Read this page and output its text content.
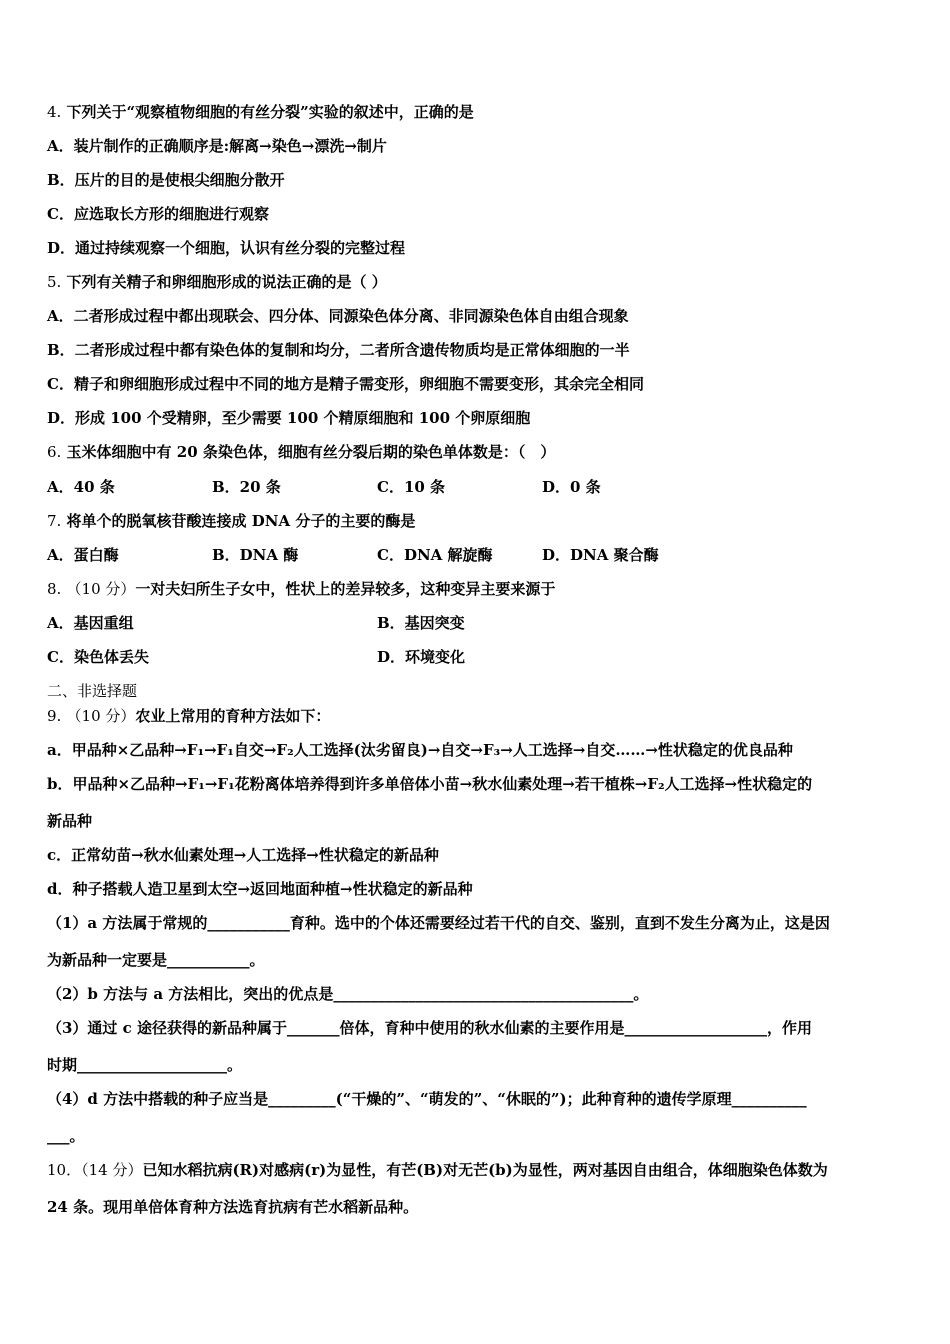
4. 下列关于“观察植物细胞的有丝分裂”实验的叙述中，正确的是
A．装片制作的正确顺序是:解离→染色→漂洗→制片
B．压片的目的是使根尖细胞分散开
C．应选取长方形的细胞进行观察
D．通过持续观察一个细胞，认识有丝分裂的完整过程
5. 下列有关精子和卵细胞形成的说法正确的是（ ）
A．二者形成过程中都出现联会、四分体、同源染色体分离、非同源染色体自由组合现象
B．二者形成过程中都有染色体的复制和均分，二者所含遗传物质均是正常体细胞的一半
C．精子和卵细胞形成过程中不同的地方是精子需变形，卵细胞不需要变形，其余完全相同
D．形成 100 个受精卵，至少需要 100 个精原细胞和 100 个卵原细胞
6. 玉米体细胞中有 20 条染色体，细胞有丝分裂后期的染色单体数是：（　）
A．40 条	B．20 条	C．10 条	D．0 条
7. 将单个的脱氧核苷酸连接成 DNA 分子的主要的酶是
A．蛋白酶	B．DNA 酶	C．DNA 解旋酶	D．DNA 聚合酶
8. （10 分）一对夫妇所生子女中，性状上的差异较多，这种变异主要来源于
A．基因重组	B．基因突变
C．染色体丢失	D．环境变化
二、非选择题
9. （10 分）农业上常用的育种方法如下：
a．甲品种×乙品种→F₁→F₁自交→F₂人工选择(汰劣留良)→自交→F₃→人工选择→自交……→性状稳定的优良品种
b．甲品种×乙品种→F₁→F₁花粉离体培养得到许多单倍体小苗→秋水仙素处理→若干植株→F₂人工选择→性状稳定的
新品种
c．正常幼苗→秋水仙素处理→人工选择→性状稳定的新品种
d．种子搭载人造卫星到太空→返回地面种植→性状稳定的新品种
（1）a 方法属于常规的___________育种。选中的个体还需要经过若干代的自交、鉴别，直到不发生分离为止，这是因
为新品种一定要是___________。
（2）b 方法与 a 方法相比，突出的优点是________________________________________。
（3）通过 c 途径获得的新品种属于_______倍体，育种中使用的秋水仙素的主要作用是___________________，作用
时期____________________。
（4）d 方法中搭载的种子应当是_________(“干燥的”、“萌发的”、“休眠的”)；此种育种的遗传学原理__________
___。
10．（14 分）已知水稻抗病(R)对感病(r)为显性，有芒(B)对无芒(b)为显性，两对基因自由组合，体细胞染色体数为
24 条。现用单倍体育种方法选育抗病有芒水稻新品种。
